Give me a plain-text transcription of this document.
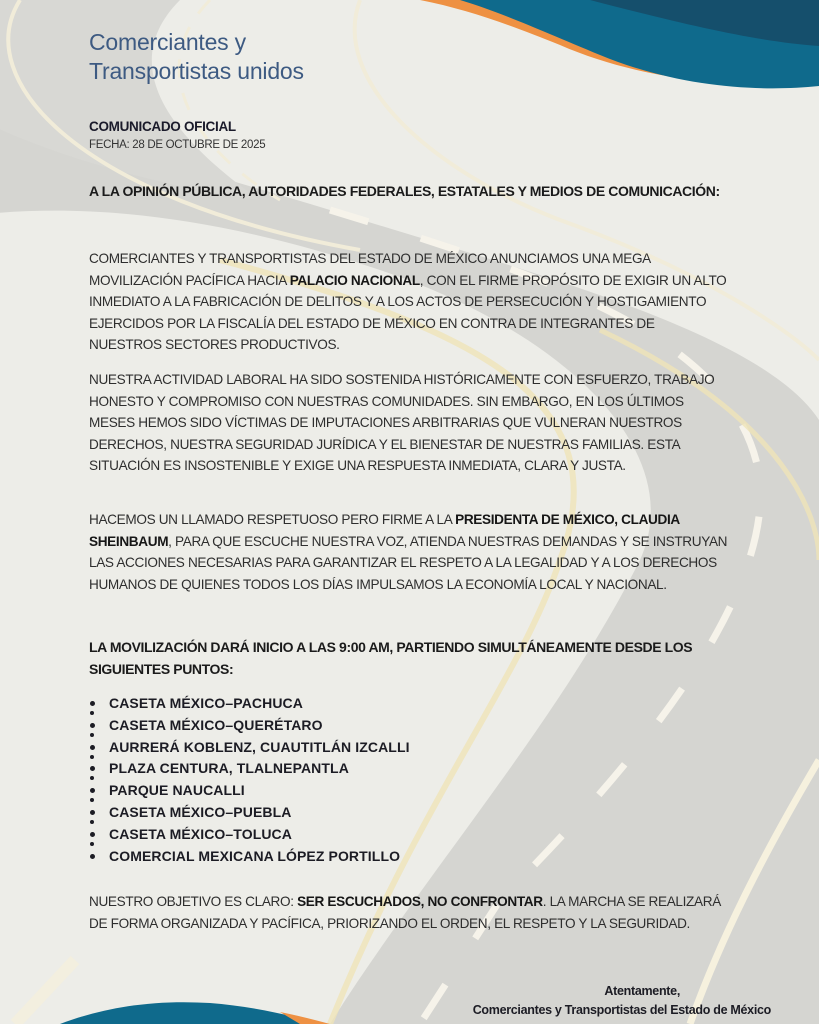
Comerciantes y
Transportistas unidos
COMUNICADO OFICIAL
FECHA: 28 DE OCTUBRE DE 2025
A LA OPINIÓN PÚBLICA, AUTORIDADES FEDERALES, ESTATALES Y MEDIOS DE COMUNICACIÓN:
COMERCIANTES Y TRANSPORTISTAS DEL ESTADO DE MÉXICO ANUNCIAMOS UNA MEGA MOVILIZACIÓN PACÍFICA HACIA PALACIO NACIONAL, CON EL FIRME PROPÓSITO DE EXIGIR UN ALTO INMEDIATO A LA FABRICACIÓN DE DELITOS Y A LOS ACTOS DE PERSECUCIÓN Y HOSTIGAMIENTO EJERCIDOS POR LA FISCALÍA DEL ESTADO DE MÉXICO EN CONTRA DE INTEGRANTES DE NUESTROS SECTORES PRODUCTIVOS.
NUESTRA ACTIVIDAD LABORAL HA SIDO SOSTENIDA HISTÓRICAMENTE CON ESFUERZO, TRABAJO HONESTO Y COMPROMISO CON NUESTRAS COMUNIDADES. SIN EMBARGO, EN LOS ÚLTIMOS MESES HEMOS SIDO VÍCTIMAS DE IMPUTACIONES ARBITRARIAS QUE VULNERAN NUESTROS DERECHOS, NUESTRA SEGURIDAD JURÍDICA Y EL BIENESTAR DE NUESTRAS FAMILIAS. ESTA SITUACIÓN ES INSOSTENIBLE Y EXIGE UNA RESPUESTA INMEDIATA, CLARA Y JUSTA.
HACEMOS UN LLAMADO RESPETUOSO PERO FIRME A LA PRESIDENTA DE MÉXICO, CLAUDIA SHEINBAUM, PARA QUE ESCUCHE NUESTRA VOZ, ATIENDA NUESTRAS DEMANDAS Y SE INSTRUYAN LAS ACCIONES NECESARIAS PARA GARANTIZAR EL RESPETO A LA LEGALIDAD Y A LOS DERECHOS HUMANOS DE QUIENES TODOS LOS DÍAS IMPULSAMOS LA ECONOMÍA LOCAL Y NACIONAL.
LA MOVILIZACIÓN DARÁ INICIO A LAS 9:00 AM, PARTIENDO SIMULTÁNEAMENTE DESDE LOS SIGUIENTES PUNTOS:
CASETA MÉXICO–PACHUCA
CASETA MÉXICO–QUERÉTARO
AURRERÁ KOBLENZ, CUAUTITLÁN IZCALLI
PLAZA CENTURA, TLALNEPANTLA
PARQUE NAUCALLI
CASETA MÉXICO–PUEBLA
CASETA MÉXICO–TOLUCA
COMERCIAL MEXICANA LÓPEZ PORTILLO
NUESTRO OBJETIVO ES CLARO: SER ESCUCHADOS, NO CONFRONTAR. LA MARCHA SE REALIZARÁ DE FORMA ORGANIZADA Y PACÍFICA, PRIORIZANDO EL ORDEN, EL RESPETO Y LA SEGURIDAD.
Atentamente,
Comerciantes y Transportistas del Estado de México
